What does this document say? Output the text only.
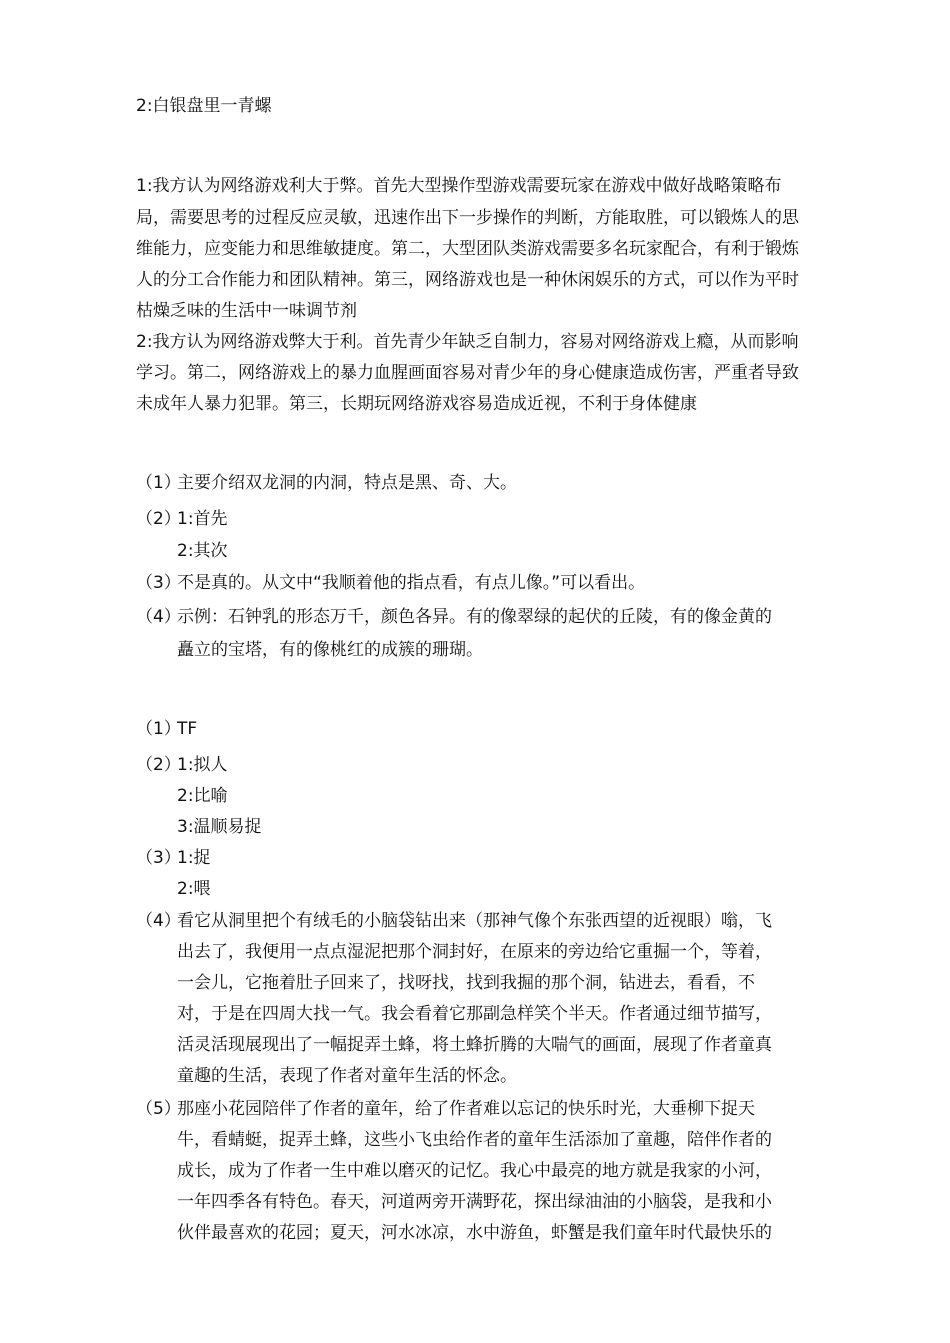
2:白银盘里一青螺
1:我方认为网络游戏利大于弊。首先大型操作型游戏需要玩家在游戏中做好战略策略布
局，需要思考的过程反应灵敏，迅速作出下一步操作的判断，方能取胜，可以锻炼人的思
维能力，应变能力和思维敏捷度。第二，大型团队类游戏需要多名玩家配合，有利于锻炼
人的分工合作能力和团队精神。第三，网络游戏也是一种休闲娱乐的方式，可以作为平时
枯燥乏味的生活中一味调节剂
2:我方认为网络游戏弊大于利。首先青少年缺乏自制力，容易对网络游戏上瘾，从而影响
学习。第二，网络游戏上的暴力血腥画面容易对青少年的身心健康造成伤害，严重者导致
未成年人暴力犯罪。第三，长期玩网络游戏容易造成近视，不利于身体健康
（1）
主要介绍双龙洞的内洞，特点是黑、奇、大。
（2）
1:首先
2:其次
（3）
不是真的。从文中“我顺着他的指点看，有点儿像。”可以看出。
（4）
示例：石钟乳的形态万千，颜色各异。有的像翠绿的起伏的丘陵，有的像金黄的
矗立的宝塔，有的像桃红的成簇的珊瑚。
（1）
TF
（2）
1:拟人
2:比喻
3:温顺易捉
（3）
1:捉
2:喂
（4）
看它从洞里把个有绒毛的小脑袋钻出来（那神气像个东张西望的近视眼）嗡，飞
出去了，我便用一点点湿泥把那个洞封好，在原来的旁边给它重掘一个，等着，
一会儿，它拖着肚子回来了，找呀找，找到我掘的那个洞，钻进去，看看，不
对，于是在四周大找一气。我会看着它那副急样笑个半天。作者通过细节描写，
活灵活现展现出了一幅捉弄土蜂，将土蜂折腾的大喘气的画面，展现了作者童真
童趣的生活，表现了作者对童年生活的怀念。
（5）
那座小花园陪伴了作者的童年，给了作者难以忘记的快乐时光，大垂柳下捉天
牛，看蜻蜓，捉弄土蜂，这些小飞虫给作者的童年生活添加了童趣，陪伴作者的
成长，成为了作者一生中难以磨灭的记忆。我心中最亮的地方就是我家的小河，
一年四季各有特色。春天，河道两旁开满野花，探出绿油油的小脑袋，是我和小
伙伴最喜欢的花园；夏天，河水冰凉，水中游鱼，虾蟹是我们童年时代最快乐的
